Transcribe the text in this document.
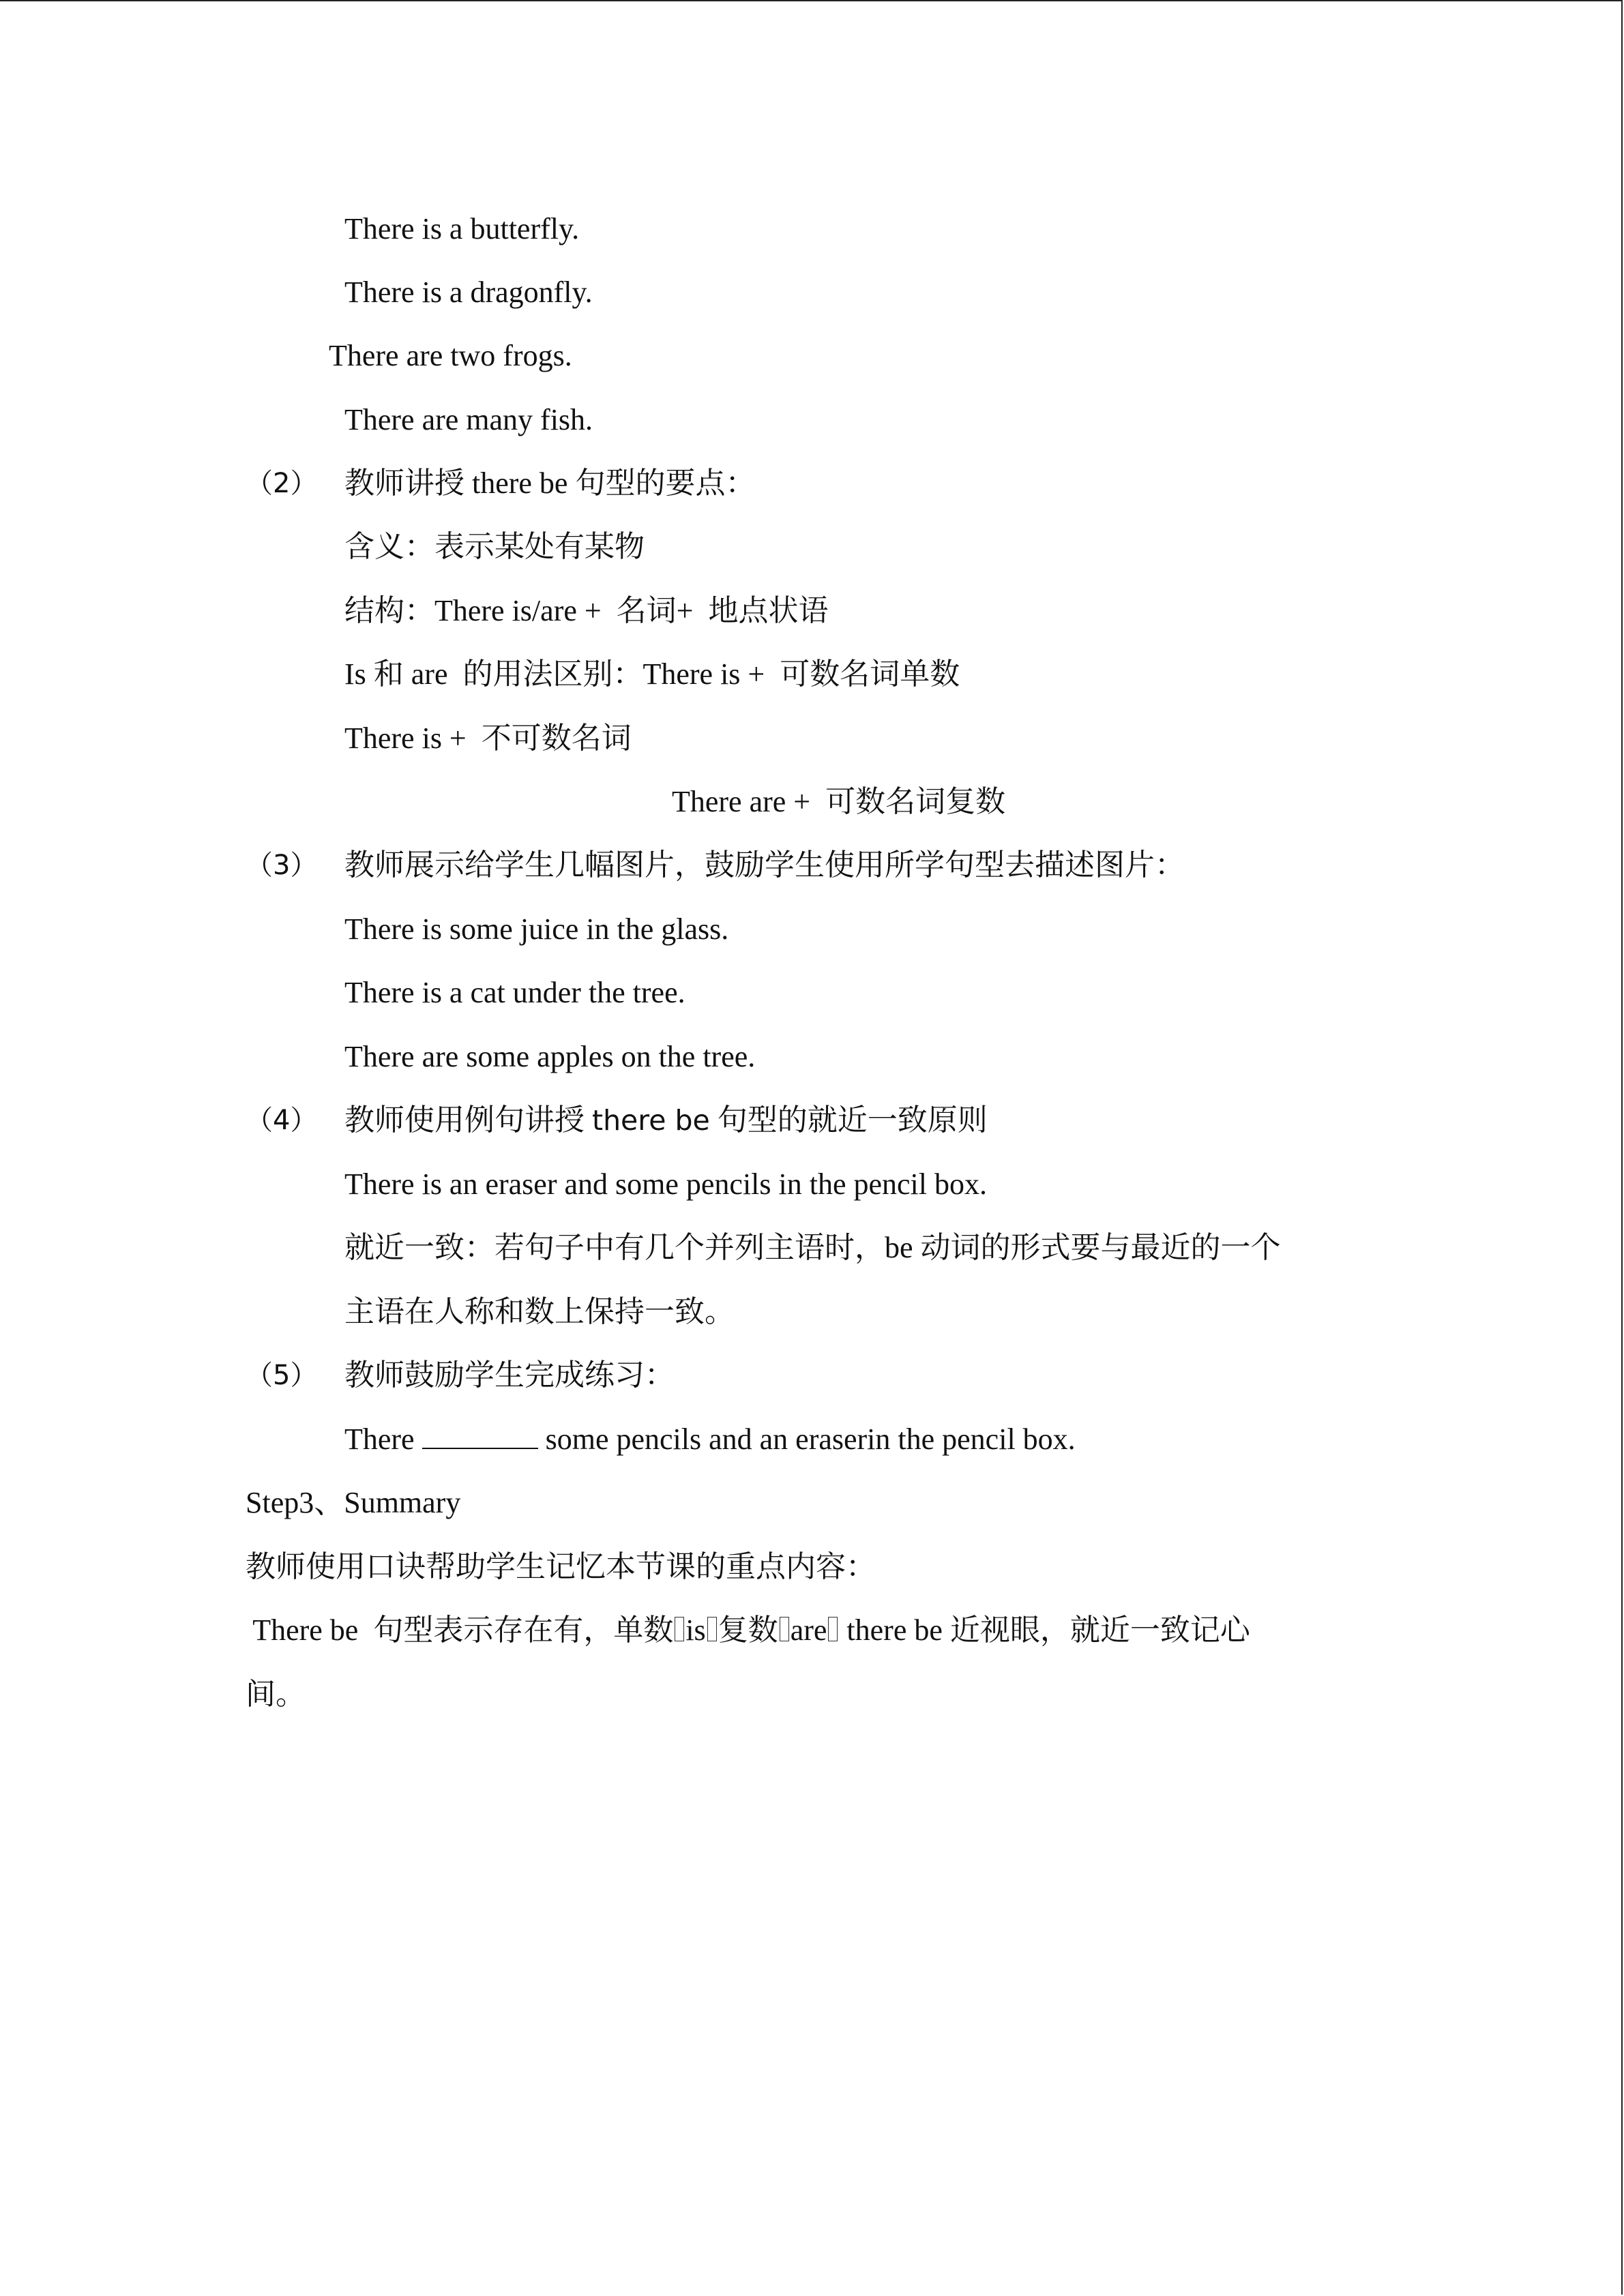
There is a butterfly.
There is a dragonfly.
There are two frogs.
There are many fish.
（2） 教师讲授 there be 句型的要点：
含义：表示某处有某物
结构：There is/are +  名词+  地点状语
Is 和 are  的用法区别：There is +  可数名词单数
There is +  不可数名词
There are +  可数名词复数
（3） 教师展示给学生几幅图片，鼓励学生使用所学句型去描述图片：
There is some juice in the glass.
There is a cat under the tree.
There are some apples on the tree.
（4） 教师使用例句讲授 there be 句型的就近一致原则
There is an eraser and some pencils in the pencil box.
就近一致：若句子中有几个并列主语时，be 动词的形式要与最近的一个
主语在人称和数上保持一致。
（5） 教师鼓励学生完成练习：
There	some pencils and an eraserin the pencil box.
Step3、Summary
教师使用口诀帮助学生记忆本节课的重点内容：
There be  句型表示存在有，单数 is 复数 are there be 近视眼，就近一致记心
间。
